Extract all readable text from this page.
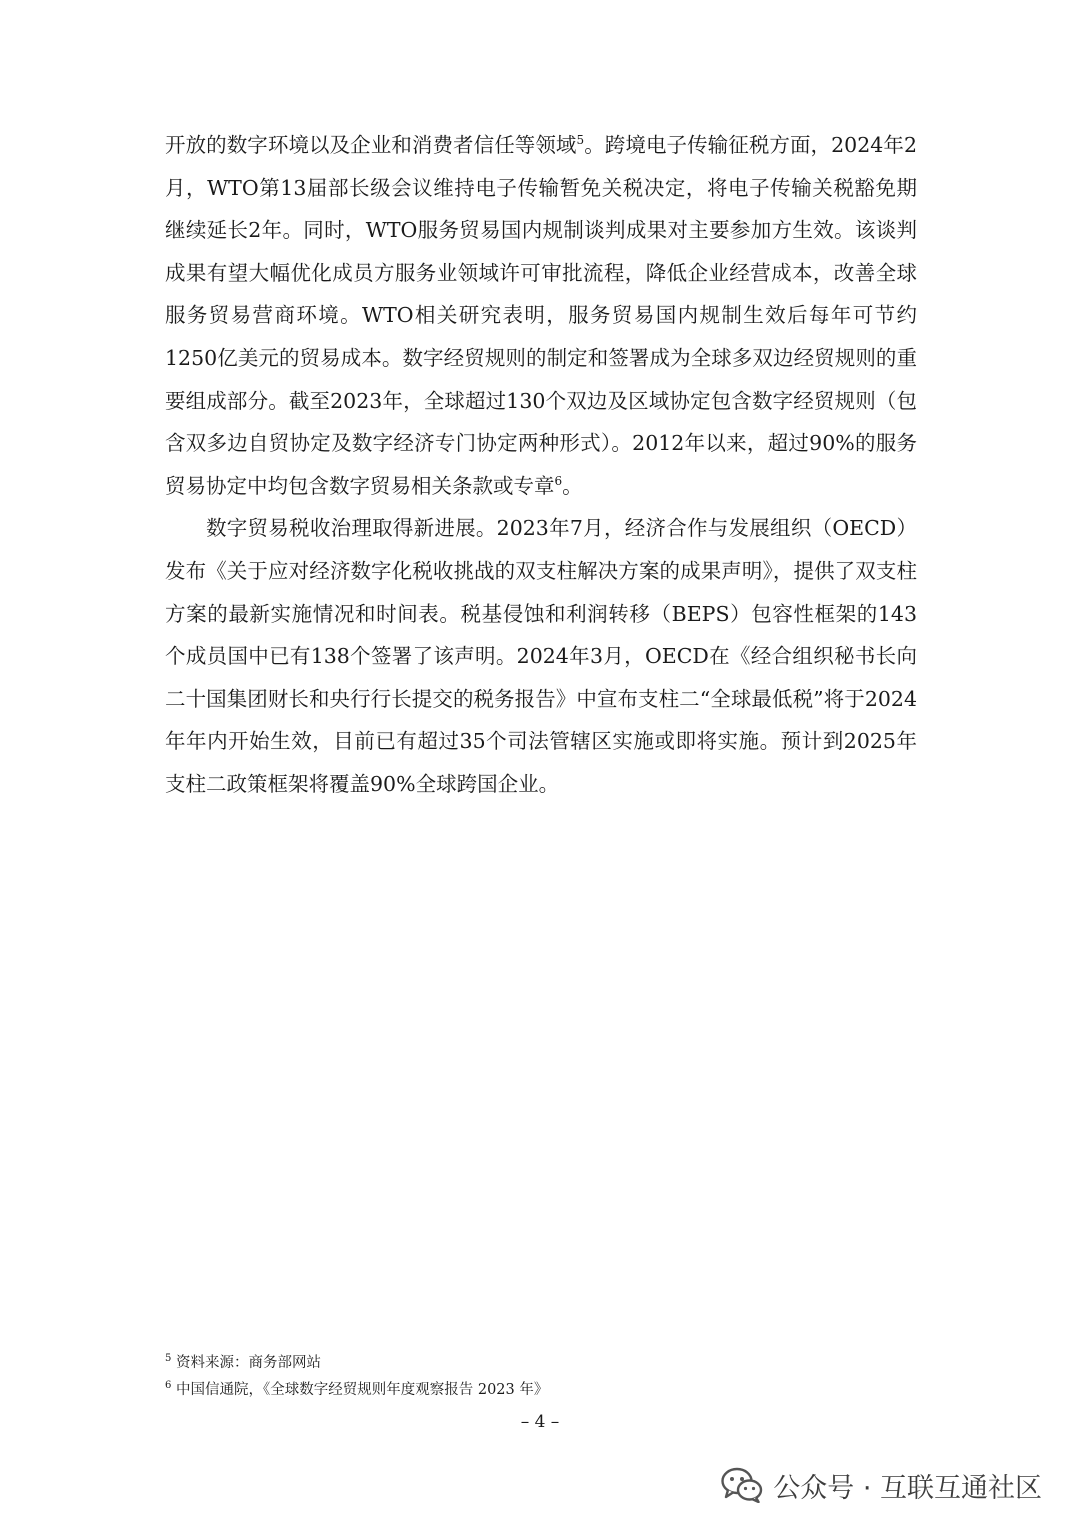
开放的数字环境以及企业和消费者信任等领域$^5$。跨境电子传输征税方面，2024年2月，WTO第13届部长级会议维持电子传输暂免关税决定，将电子传输关税豁免期继续延长2年。同时，WTO服务贸易国内规制谈判成果对主要参加方生效。该谈判成果有望大幅优化成员方服务业领域许可审批流程，降低企业经营成本，改善全球服务贸易营商环境。WTO相关研究表明，服务贸易国内规制生效后每年可节约1250亿美元的贸易成本。数字经贸规则的制定和签署成为全球多双边经贸规则的重要组成部分。截至2023年，全球超过130个双边及区域协定包含数字经贸规则（包含双多边自贸协定及数字经济专门协定两种形式）。2012年以来，超过90%的服务贸易协定中均包含数字贸易相关条款或专章$^6$。

数字贸易税收治理取得新进展。2023年7月，经济合作与发展组织（OECD）发布《关于应对经济数字化税收挑战的双支柱解决方案的成果声明》，提供了双支柱方案的最新实施情况和时间表。税基侵蚀和利润转移（BEPS）包容性框架的143个成员国中已有138个签署了该声明。2024年3月，OECD在《经合组织秘书长向二十国集团财长和央行行长提交的税务报告》中宣布支柱二“全球最低税”将于2024年年内开始生效，目前已有超过35个司法管辖区实施或即将实施。预计到2025年支柱二政策框架将覆盖90%全球跨国企业。

$^5$ 资料来源：商务部网站

$^6$ 中国信通院，《全球数字经贸规则年度观察报告 2023 年》

– 4 –
公众号 · 互联互通社区
